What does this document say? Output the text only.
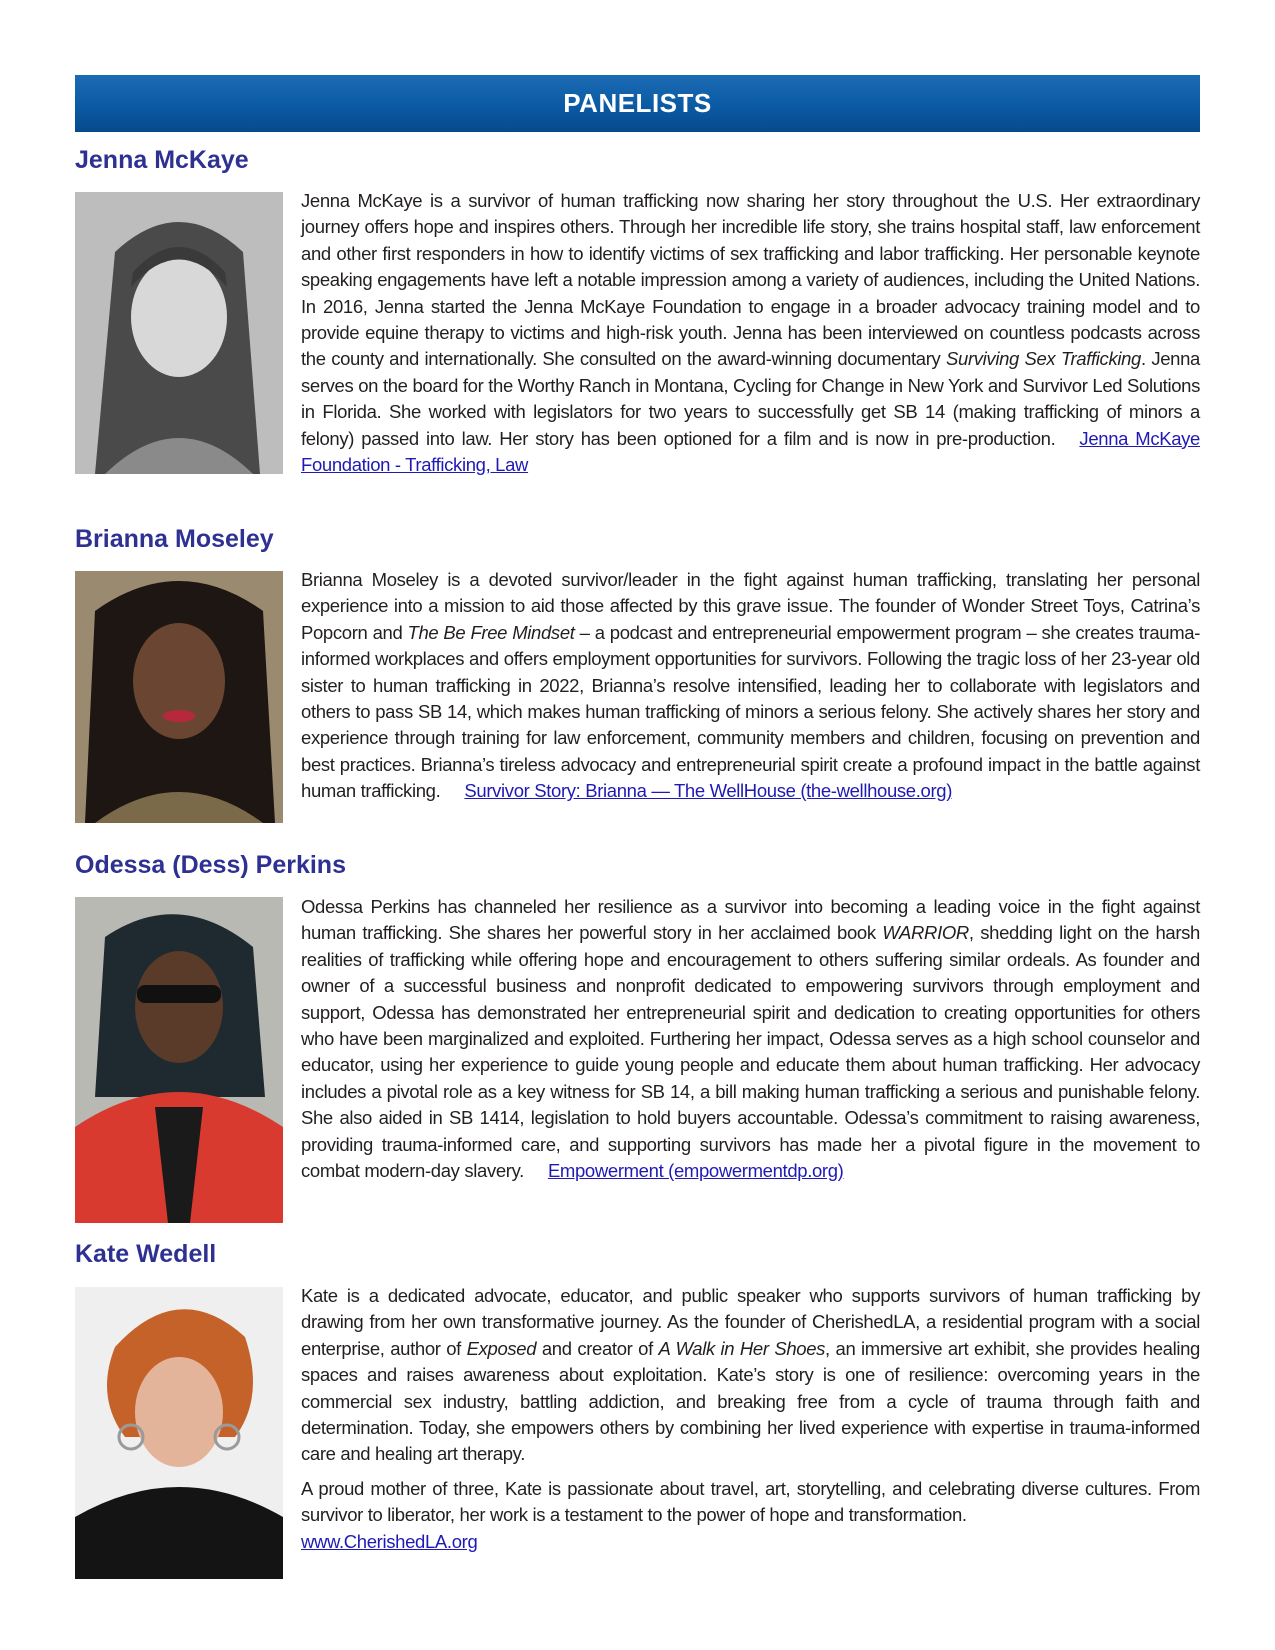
PANELISTS
Jenna McKaye

Jenna McKaye is a survivor of human trafficking now sharing her story throughout the U.S. Her extraordinary journey offers hope and inspires others. Through her incredible life story, she trains hospital staff, law enforcement and other first responders in how to identify victims of sex trafficking and labor trafficking. Her personable keynote speaking engagements have left a notable impression among a variety of audiences, including the United Nations. In 2016, Jenna started the Jenna McKaye Foundation to engage in a broader advocacy training model and to provide equine therapy to victims and high-risk youth. Jenna has been interviewed on countless podcasts across the county and internationally. She consulted on the award-winning documentary Surviving Sex Trafficking. Jenna serves on the board for the Worthy Ranch in Montana, Cycling for Change in New York and Survivor Led Solutions in Florida. She worked with legislators for two years to successfully get SB 14 (making trafficking of minors a felony) passed into law. Her story has been optioned for a film and is now in pre-production. Jenna McKaye Foundation - Trafficking, Law

Brianna Moseley

Brianna Moseley is a devoted survivor/leader in the fight against human trafficking, translating her personal experience into a mission to aid those affected by this grave issue. The founder of Wonder Street Toys, Catrina’s Popcorn and The Be Free Mindset – a podcast and entrepreneurial empowerment program – she creates trauma-informed workplaces and offers employment opportunities for survivors. Following the tragic loss of her 23-year old sister to human trafficking in 2022, Brianna’s resolve intensified, leading her to collaborate with legislators and others to pass SB 14, which makes human trafficking of minors a serious felony. She actively shares her story and experience through training for law enforcement, community members and children, focusing on prevention and best practices. Brianna’s tireless advocacy and entrepreneurial spirit create a profound impact in the battle against human trafficking. Survivor Story: Brianna — The WellHouse (the-wellhouse.org)

Odessa (Dess) Perkins

Odessa Perkins has channeled her resilience as a survivor into becoming a leading voice in the fight against human trafficking. She shares her powerful story in her acclaimed book WARRIOR, shedding light on the harsh realities of trafficking while offering hope and encouragement to others suffering similar ordeals. As founder and owner of a successful business and nonprofit dedicated to empowering survivors through employment and support, Odessa has demonstrated her entrepreneurial spirit and dedication to creating opportunities for others who have been marginalized and exploited. Furthering her impact, Odessa serves as a high school counselor and educator, using her experience to guide young people and educate them about human trafficking. Her advocacy includes a pivotal role as a key witness for SB 14, a bill making human trafficking a serious and punishable felony. She also aided in SB 1414, legislation to hold buyers accountable. Odessa’s commitment to raising awareness, providing trauma-informed care, and supporting survivors has made her a pivotal figure in the movement to combat modern-day slavery. Empowerment (empowermentdp.org)

Kate Wedell

Kate is a dedicated advocate, educator, and public speaker who supports survivors of human trafficking by drawing from her own transformative journey. As the founder of CherishedLA, a residential program with a social enterprise, author of Exposed and creator of A Walk in Her Shoes, an immersive art exhibit, she provides healing spaces and raises awareness about exploitation. Kate’s story is one of resilience: overcoming years in the commercial sex industry, battling addiction, and breaking free from a cycle of trauma through faith and determination. Today, she empowers others by combining her lived experience with expertise in trauma-informed care and healing art therapy.

A proud mother of three, Kate is passionate about travel, art, storytelling, and celebrating diverse cultures. From survivor to liberator, her work is a testament to the power of hope and transformation.
www.CherishedLA.org
